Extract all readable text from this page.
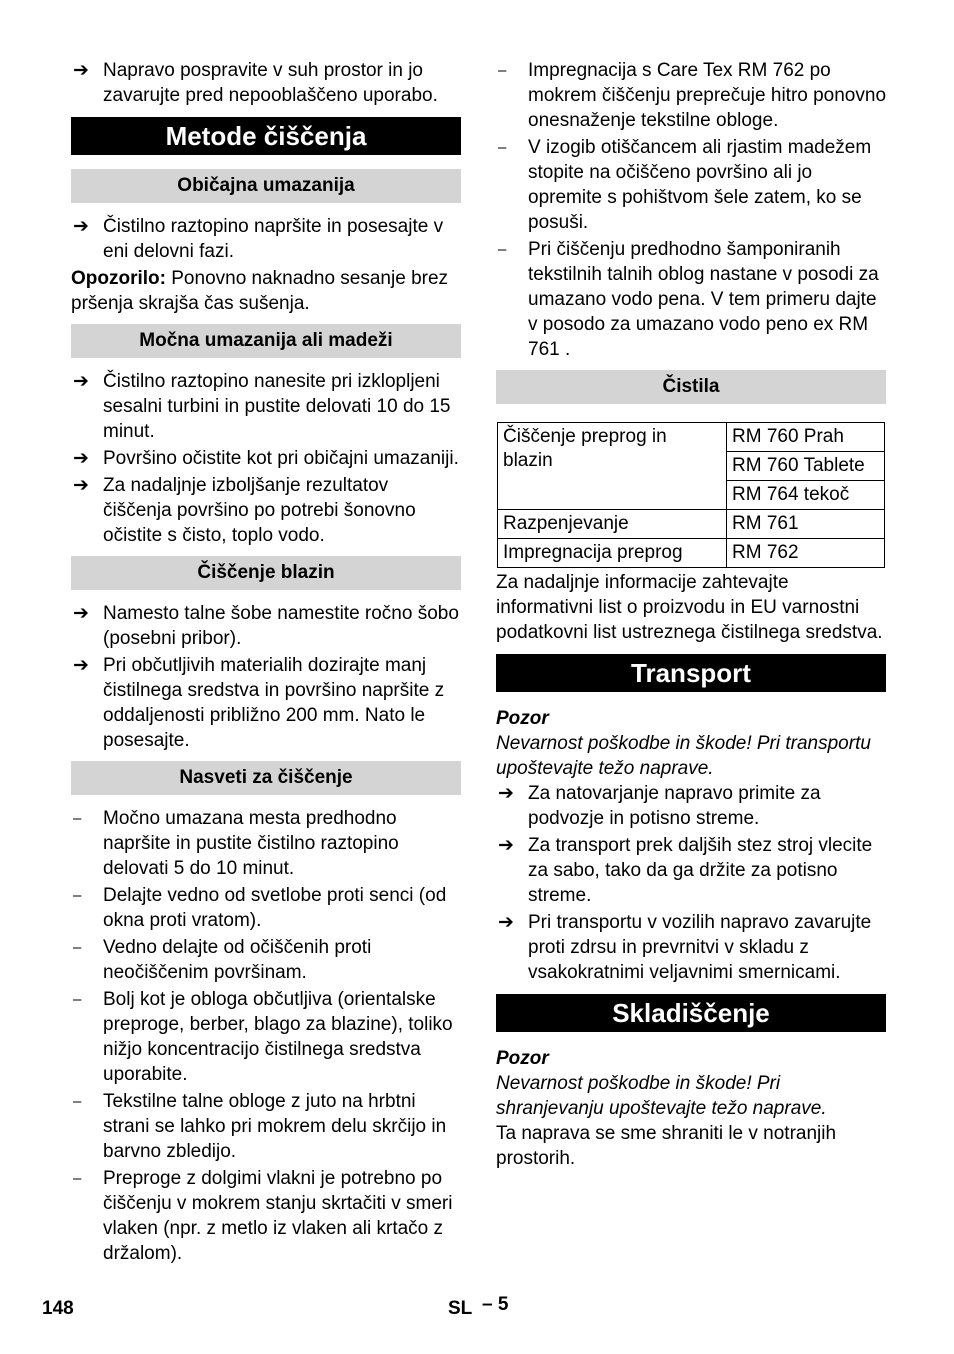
➔ Napravo pospravite v suh prostor in jo zavarujte pred nepooblaščeno uporabo.

Metode čiščenja
Običajna umazanija
➔ Čistilno raztopino napršite in posesajte v eni delovni fazi.

Opozorilo: Ponovno naknadno sesanje brez pršenja skrajša čas sušenja.

Močna umazanija ali madeži
➔ Čistilno raztopino nanesite pri izklopljeni sesalni turbini in pustite delovati 10 do 15 minut.

➔ Površino očistite kot pri običajni umazaniji.

➔ Za nadaljnje izboljšanje rezultatov čiščenja površino po potrebi šonovno očistite s čisto, toplo vodo.

Čiščenje blazin
➔ Namesto talne šobe namestite ročno šobo (posebni pribor).

➔ Pri občutljivih materialih dozirajte manj čistilnega sredstva in površino napršite z oddaljenosti približno 200 mm. Nato le posesajte.

Nasveti za čiščenje
– Močno umazana mesta predhodno napršite in pustite čistilno raztopino delovati 5 do 10 minut.

– Delajte vedno od svetlobe proti senci (od okna proti vratom).

– Vedno delajte od očiščenih proti neočiščenim površinam.

– Bolj kot je obloga občutljiva (orientalske preproge, berber, blago za blazine), toliko nižjo koncentracijo čistilnega sredstva uporabite.

– Tekstilne talne obloge z juto na hrbtni strani se lahko pri mokrem delu skrčijo in barvno zbledijo.

– Preproge z dolgimi vlakni je potrebno po čiščenju v mokrem stanju skrtačiti v smeri vlaken (npr. z metlo iz vlaken ali krtačo z držalom).

– Impregnacija s Care Tex RM 762 po mokrem čiščenju preprečuje hitro ponovno onesnaženje tekstilne obloge.

– V izogib otiščancem ali rjastim madežem stopite na očiščeno površino ali jo opremite s pohištvom šele zatem, ko se posuši.

– Pri čiščenju predhodno šamponiranih tekstilnih talnih oblog nastane v posodi za umazano vodo pena. V tem primeru dajte v posodo za umazano vodo peno ex RM 761 .

Čistila
Čiščenje preprog in blazin	RM 760 Prah
	RM 760 Tablete
	RM 764 tekoč
Razpenjevanje	RM 761
Impregnacija preprog	RM 762

Za nadaljnje informacije zahtevajte informativni list o proizvodu in EU varnostni podatkovni list ustreznega čistilnega sredstva.

Transport

Pozor

Nevarnost poškodbe in škode! Pri transportu upoštevajte težo naprave.

➔ Za natovarjanje napravo primite za podvozje in potisno streme.

➔ Za transport prek daljših stez stroj vlecite za sabo, tako da ga držite za potisno streme.

➔ Pri transportu v vozilih napravo zavarujte proti zdrsu in prevrnitvi v skladu z vsakokratnimi veljavnimi smernicami.

Skladiščenje

Pozor

Nevarnost poškodbe in škode! Pri shranjevanju upoštevajte težo naprave.

Ta naprava se sme shraniti le v notranjih prostorih.

148	SL – 5
